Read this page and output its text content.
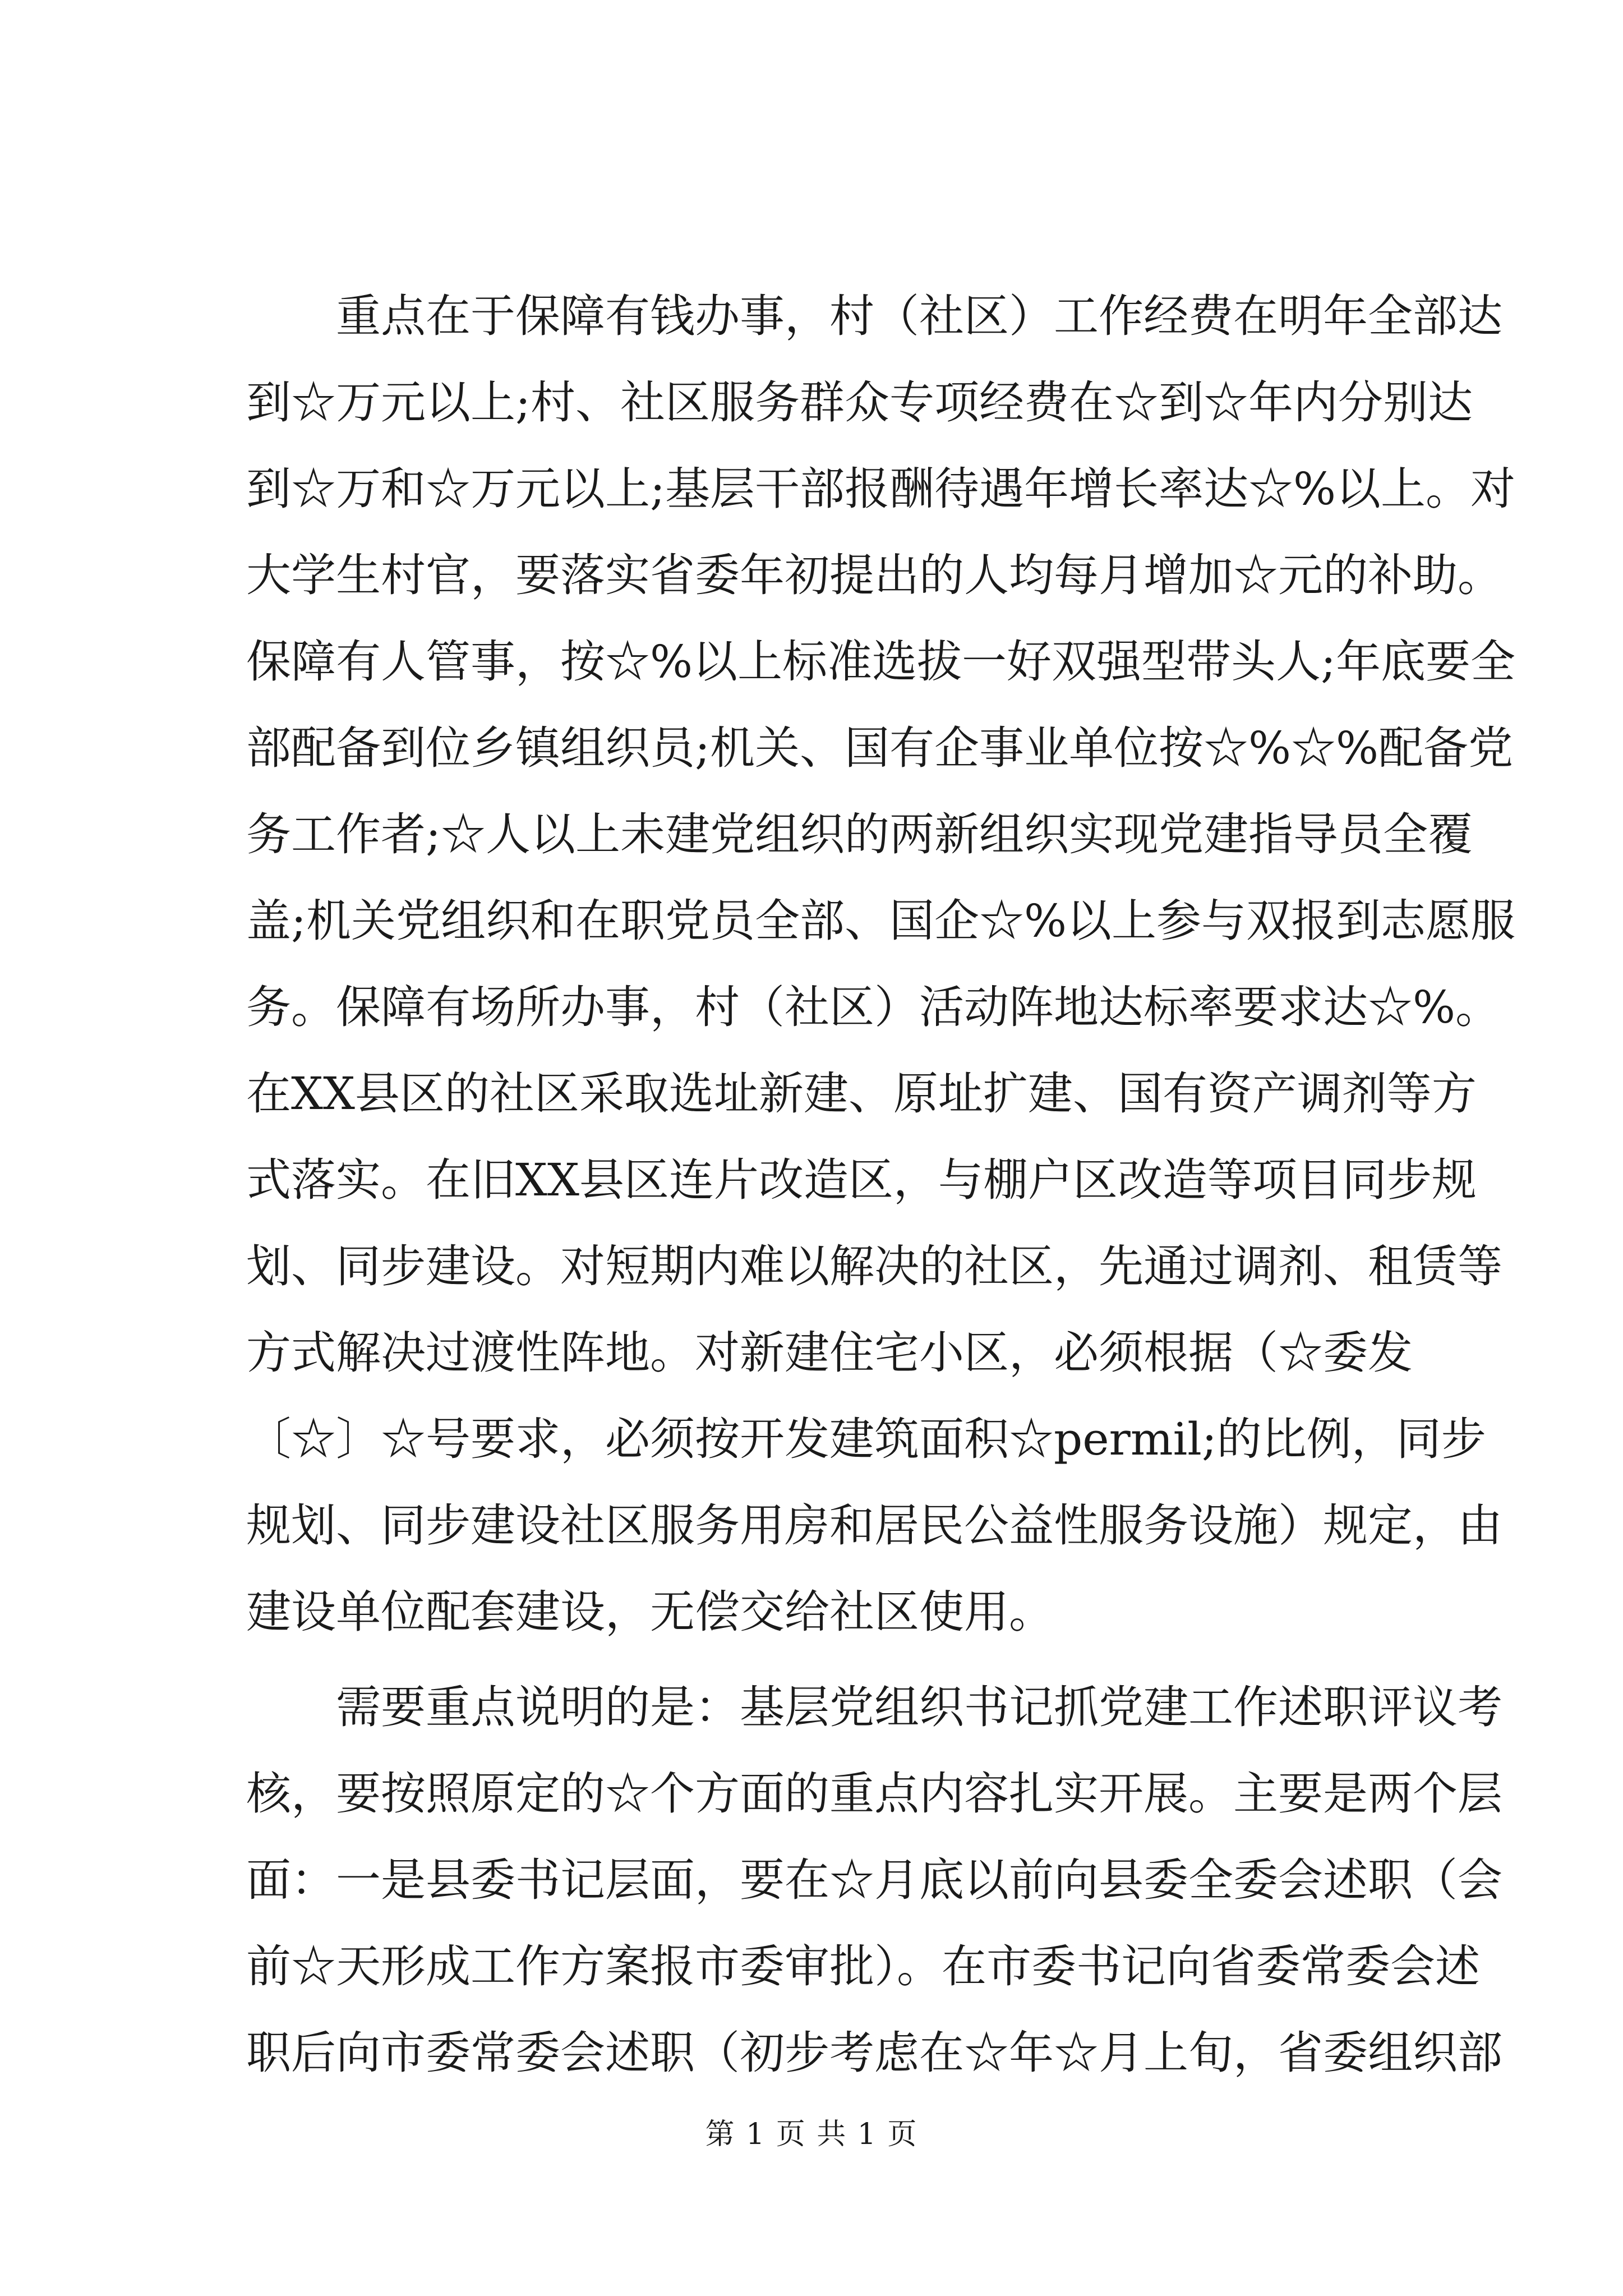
重点在于保障有钱办事，村（社区）工作经费在明年全部达
到☆万元以上;村、社区服务群众专项经费在☆到☆年内分别达
到☆万和☆万元以上;基层干部报酬待遇年增长率达☆%以上。对
大学生村官，要落实省委年初提出的人均每月增加☆元的补助。
保障有人管事，按☆%以上标准选拔一好双强型带头人;年底要全
部配备到位乡镇组织员;机关、国有企事业单位按☆%☆%配备党
务工作者;☆人以上未建党组织的两新组织实现党建指导员全覆
盖;机关党组织和在职党员全部、国企☆%以上参与双报到志愿服
务。保障有场所办事，村（社区）活动阵地达标率要求达☆%。
在XX县区的社区采取选址新建、原址扩建、国有资产调剂等方
式落实。在旧XX县区连片改造区，与棚户区改造等项目同步规
划、同步建设。对短期内难以解决的社区，先通过调剂、租赁等
方式解决过渡性阵地。对新建住宅小区，必须根据（☆委发
〔☆〕☆号要求，必须按开发建筑面积☆permil;的比例，同步
规划、同步建设社区服务用房和居民公益性服务设施）规定，由
建设单位配套建设，无偿交给社区使用。
需要重点说明的是：基层党组织书记抓党建工作述职评议考
核，要按照原定的☆个方面的重点内容扎实开展。主要是两个层
面：一是县委书记层面，要在☆月底以前向县委全委会述职（会
前☆天形成工作方案报市委审批）。在市委书记向省委常委会述
职后向市委常委会述职（初步考虑在☆年☆月上旬，省委组织部
第 1 页 共 1 页
